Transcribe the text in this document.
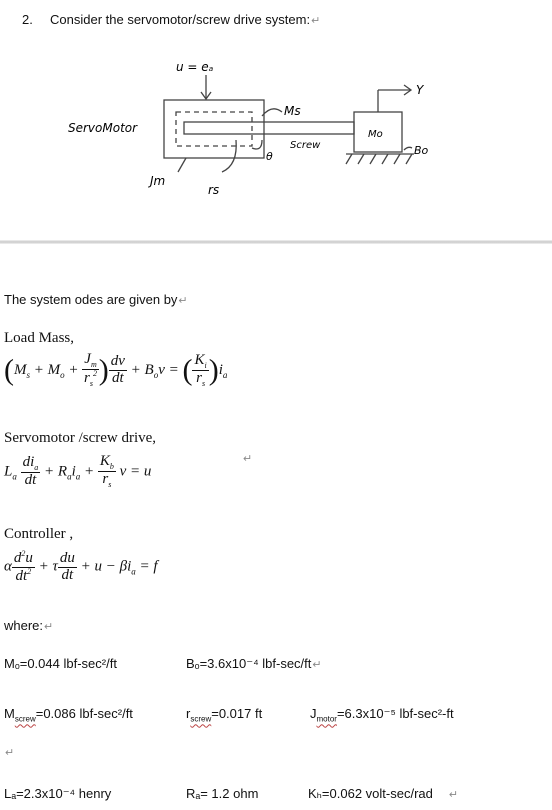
2. Consider the servomotor/screw drive system:↵
u = eₐ
ServoMotor
Ms
Screw
θ
Mo
Y
Bo
Jm
rs
The system odes are given by↵
Load Mass,
($M_s + M_o + \frac{J_m}{r_s^2}$ ) $\frac{dv}{dt} + B_ov$ = ( $\frac{K_i}{r_s} )i_a$
Servomotor /screw drive,
↵
$L_a \frac{di_a}{dt} + R_ai_a + \frac{K_b}{r_s}$ v = u
Controller ,
α $\frac{d^2u}{dt^2} + \tau \frac{du}{dt} + u - \beta i_a = f$
where:↵
Mₒ=0.044 lbf-sec²/ft	Bₒ=3.6x10⁻⁴ lbf-sec/ft↵
$M_{screw}=0.086$ lbf-sec²/ft	$r_{screw}=0.017$ ft	$J_{motor}=6.3x10^{-5}$ lbf-sec²-ft
↵
Lₐ=2.3x10⁻⁴ henry	Rₐ= 1.2 ohm	Kₕ=0.062 volt-sec/rad ↵
